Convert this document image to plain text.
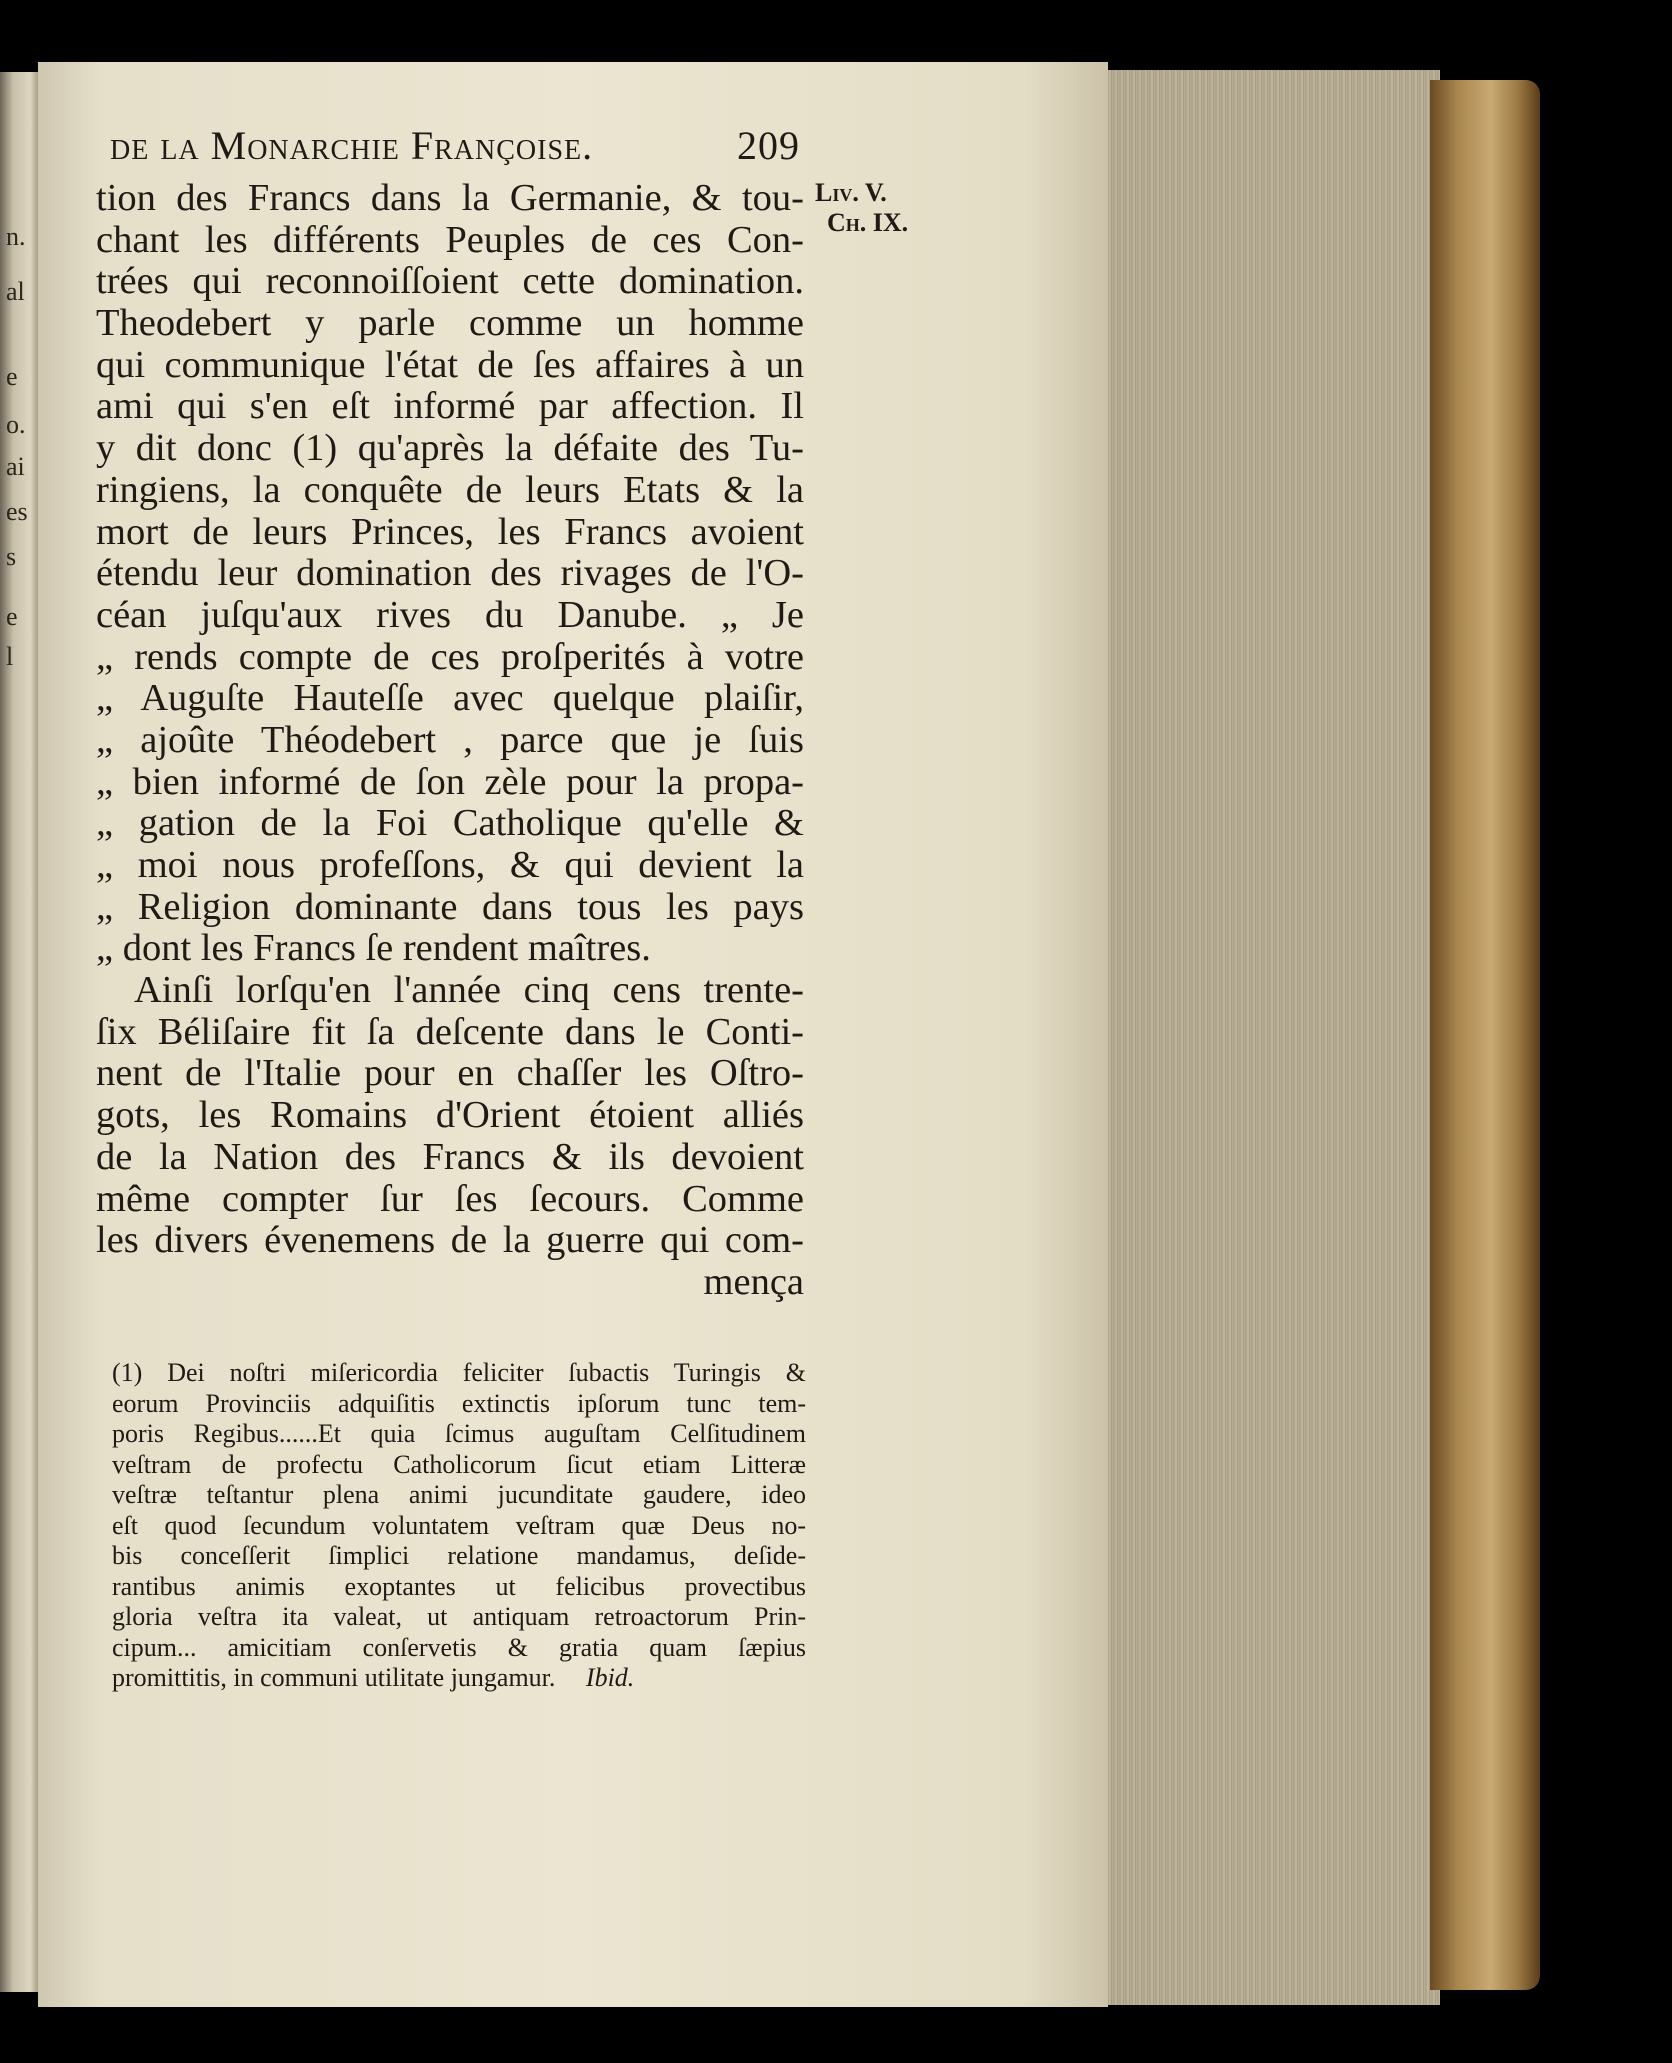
n.
al
e
o.
ai
es
s
e
l
de la Monarchie Françoise.	209
Liv. V.
Ch. IX.
tion des Francs dans la Germanie, & tou-
chant les différents Peuples de ces Con-
trées qui reconnoiſſoient cette domination.
Theodebert y parle comme un homme
qui communique l'état de ſes affaires à un
ami qui s'en eſt informé par affection. Il
y dit donc (1) qu'après la défaite des Tu-
ringiens, la conquête de leurs Etats & la
mort de leurs Princes, les Francs avoient
étendu leur domination des rivages de l'O-
céan juſqu'aux rives du Danube. „ Je
„ rends compte de ces proſperités à votre
„ Auguſte Hauteſſe avec quelque plaiſir,
„ ajoûte Théodebert , parce que je ſuis
„ bien informé de ſon zèle pour la propa-
„ gation de la Foi Catholique qu'elle &
„ moi nous profeſſons, & qui devient la
„ Religion dominante dans tous les pays
„ dont les Francs ſe rendent maîtres.
Ainſi lorſqu'en l'année cinq cens trente-
ſix Béliſaire fit ſa deſcente dans le Conti-
nent de l'Italie pour en chaſſer les Oſtro-
gots, les Romains d'Orient étoient alliés
de la Nation des Francs & ils devoient
même compter ſur ſes ſecours. Comme
les divers évenemens de la guerre qui com-
mença
(1) Dei noſtri miſericordia feliciter ſubactis Turingis &
eorum Provinciis adquiſitis extinctis ipſorum tunc tem-
poris Regibus......Et quia ſcimus auguſtam Celſitudinem
veſtram de profectu Catholicorum ſicut etiam Litteræ
veſtræ teſtantur plena animi jucunditate gaudere, ideo
eſt quod ſecundum voluntatem veſtram quæ Deus no-
bis conceſſerit ſimplici relatione mandamus, deſide-
rantibus animis exoptantes ut felicibus provectibus
gloria veſtra ita valeat, ut antiquam retroactorum Prin-
cipum... amicitiam conſervetis & gratia quam ſæpius
promittitis, in communi utilitate jungamur. Ibid.
